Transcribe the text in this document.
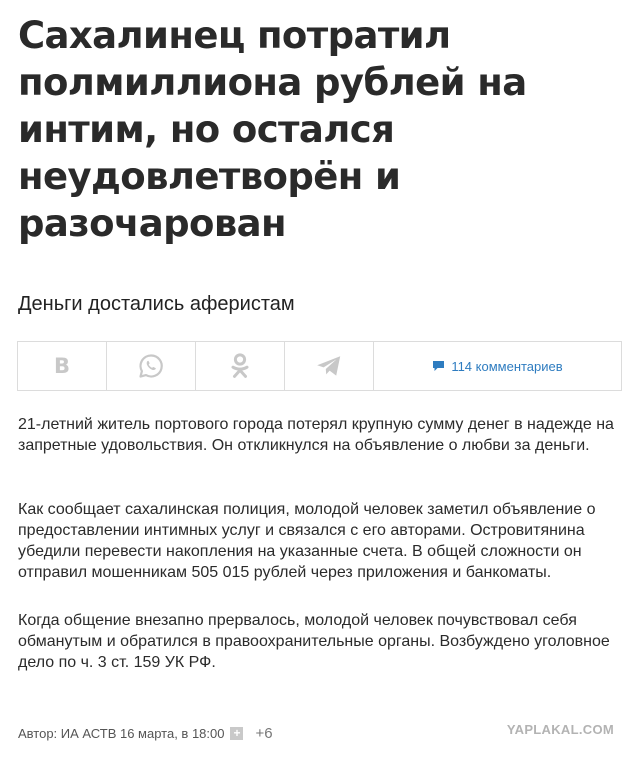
Сахалинец потратил полмиллиона рублей на интим, но остался неудовлетворён и разочарован

Деньги достались аферистам

В	114 комментариев

21-летний житель портового города потерял крупную сумму денег в надежде на запретные удовольствия. Он откликнулся на объявление о любви за деньги.

Как сообщает сахалинская полиция, молодой человек заметил объявление о предоставлении интимных услуг и связался с его авторами. Островитянина убедили перевести накопления на указанные счета. В общей сложности он отправил мошенникам 505 015 рублей через приложения и банкоматы.

Когда общение внезапно прервалось, молодой человек почувствовал себя обманутым и обратился в правоохранительные органы. Возбуждено уголовное дело по ч. 3 ст. 159 УК РФ.

Автор: ИА АСТВ 16 марта, в 18:00 + +6	YAPLAKAL.COM
